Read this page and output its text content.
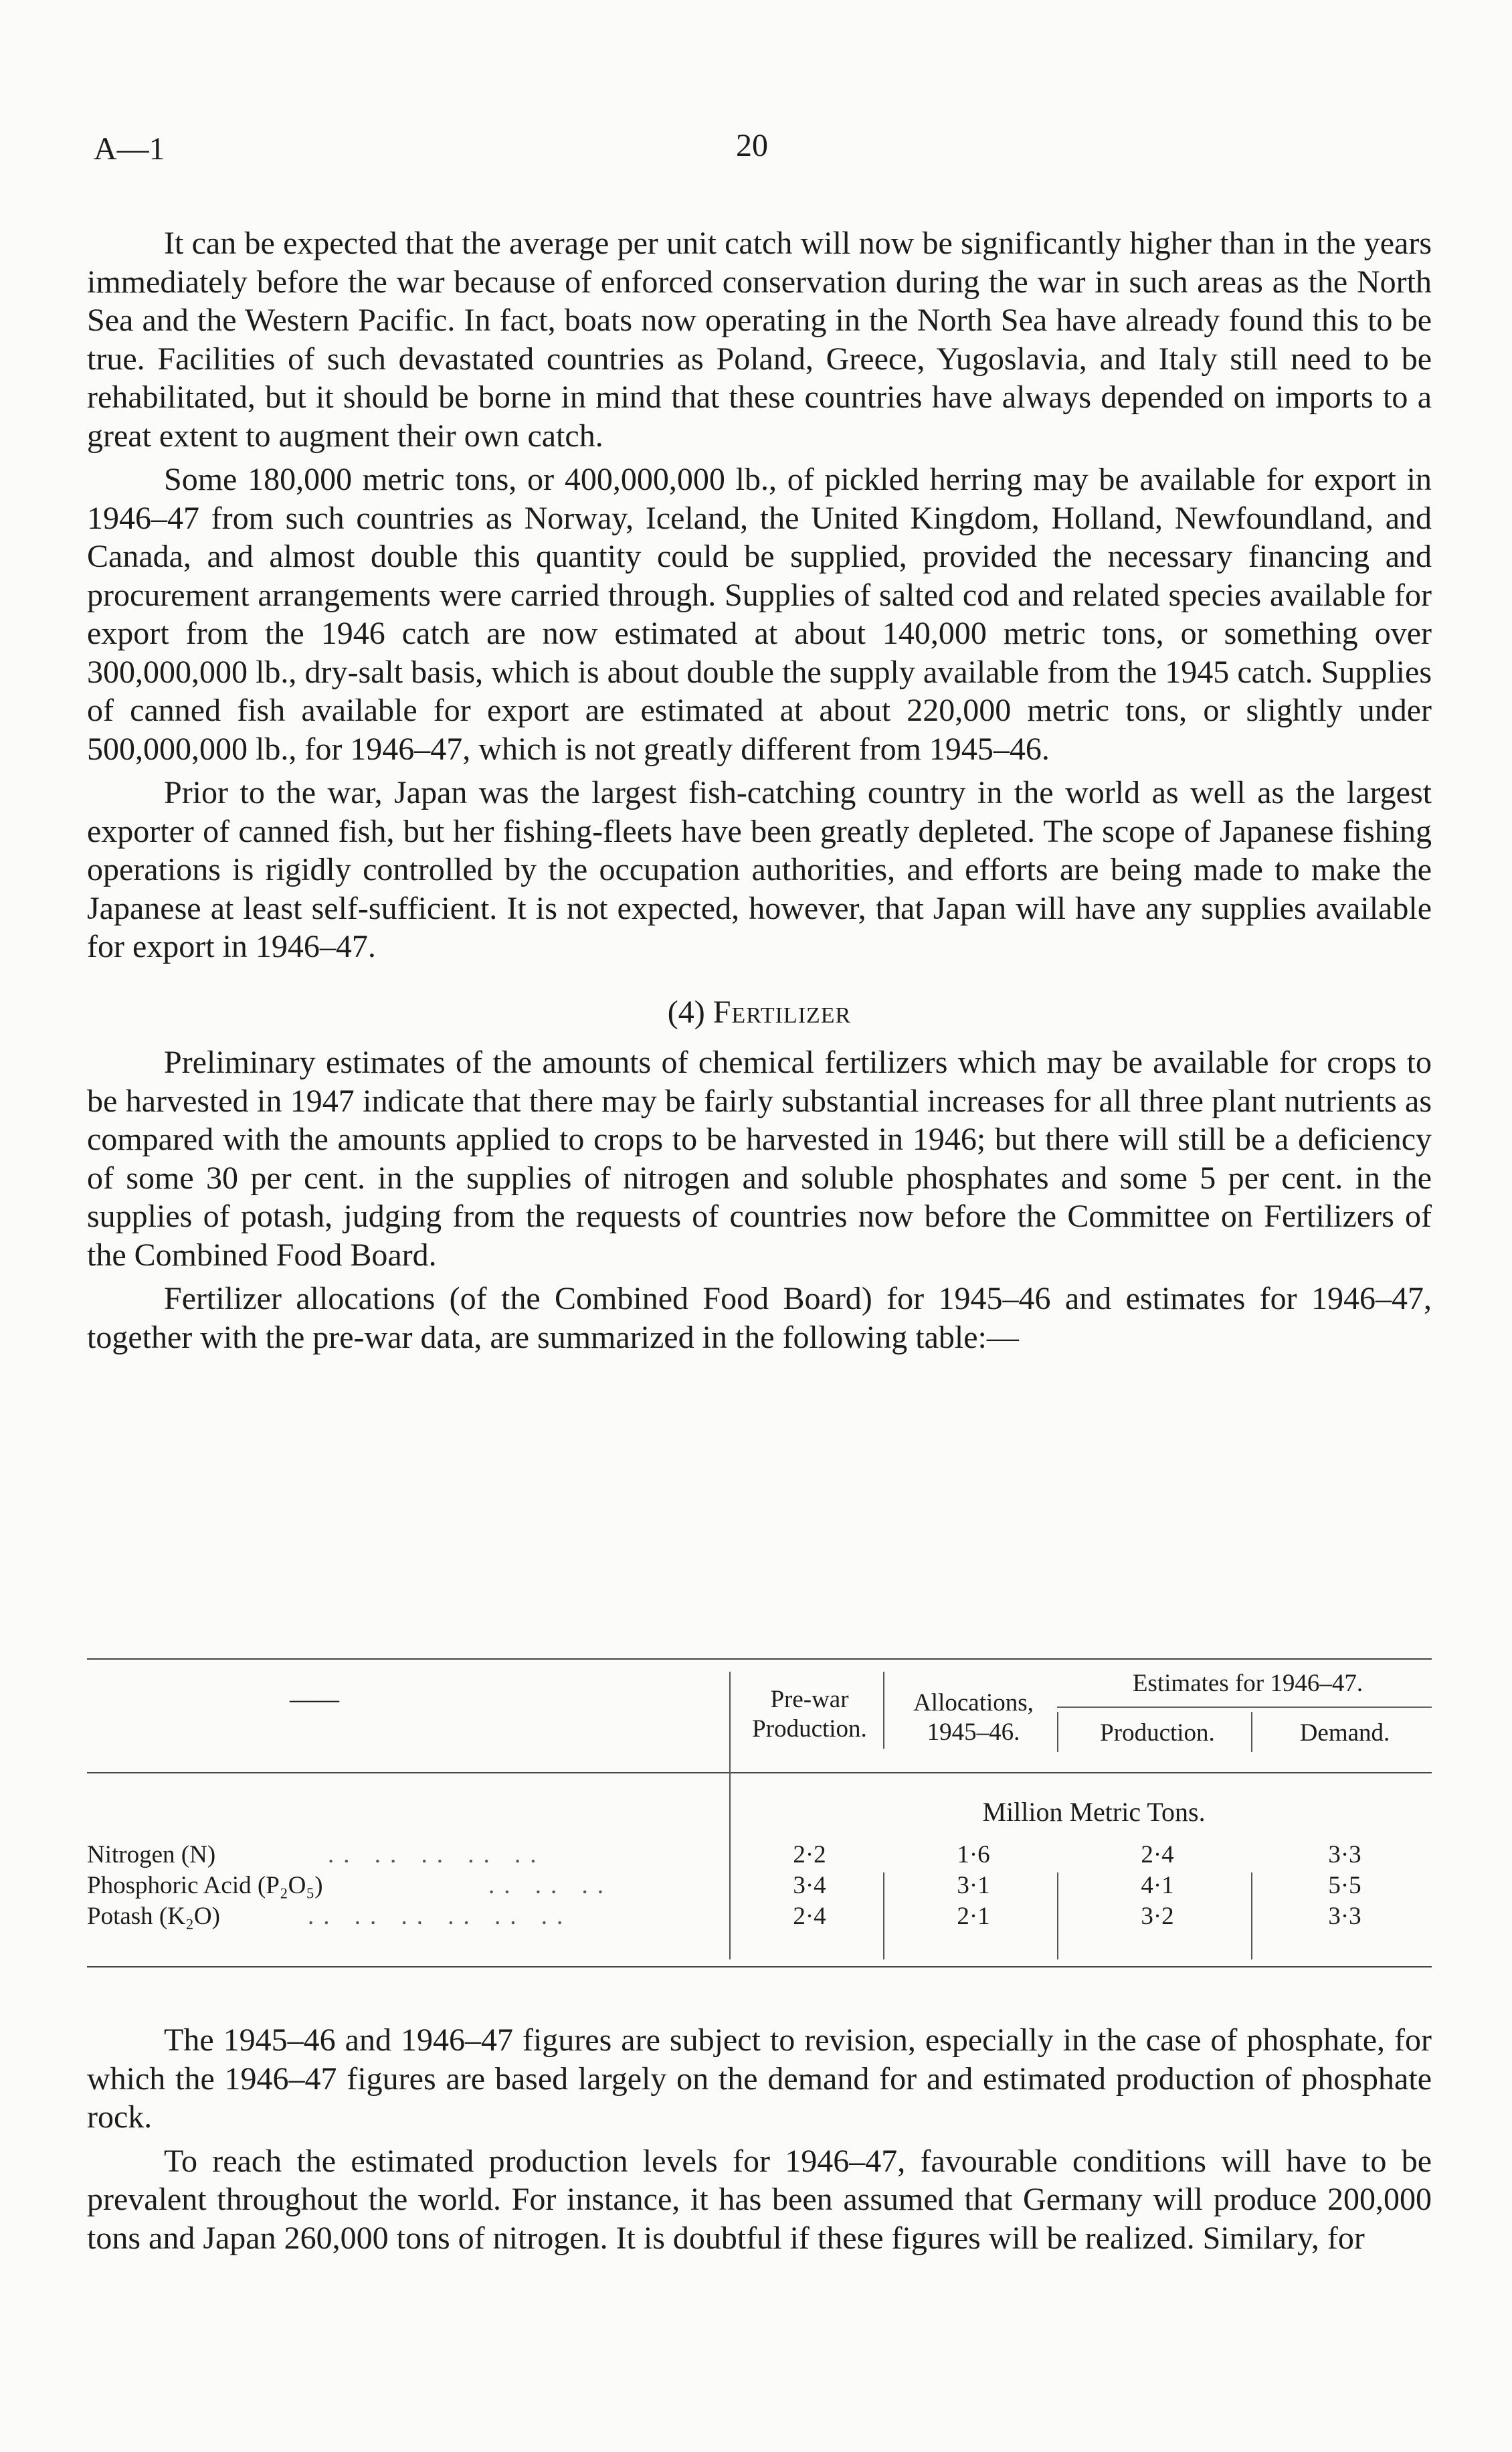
A—1	20

It can be expected that the average per unit catch will now be significantly higher than in the years immediately before the war because of enforced conservation during the war in such areas as the North Sea and the Western Pacific. In fact, boats now operating in the North Sea have already found this to be true. Facilities of such devastated countries as Poland, Greece, Yugoslavia, and Italy still need to be rehabilitated, but it should be borne in mind that these countries have always depended on imports to a great extent to augment their own catch.

Some 180,000 metric tons, or 400,000,000 lb., of pickled herring may be available for export in 1946–47 from such countries as Norway, Iceland, the United Kingdom, Holland, Newfoundland, and Canada, and almost double this quantity could be supplied, provided the necessary financing and procurement arrangements were carried through. Supplies of salted cod and related species available for export from the 1946 catch are now estimated at about 140,000 metric tons, or something over 300,000,000 lb., dry-salt basis, which is about double the supply available from the 1945 catch. Supplies of canned fish available for export are estimated at about 220,000 metric tons, or slightly under 500,000,000 lb., for 1946–47, which is not greatly different from 1945–46.

Prior to the war, Japan was the largest fish-catching country in the world as well as the largest exporter of canned fish, but her fishing-fleets have been greatly depleted. The scope of Japanese fishing operations is rigidly controlled by the occupation authorities, and efforts are being made to make the Japanese at least self-sufficient. It is not expected, however, that Japan will have any supplies available for export in 1946–47.

(4) Fertilizer

Preliminary estimates of the amounts of chemical fertilizers which may be available for crops to be harvested in 1947 indicate that there may be fairly substantial increases for all three plant nutrients as compared with the amounts applied to crops to be harvested in 1946; but there will still be a deficiency of some 30 per cent. in the supplies of nitrogen and soluble phosphates and some 5 per cent. in the supplies of potash, judging from the requests of countries now before the Committee on Fertilizers of the Combined Food Board.

Fertilizer allocations (of the Combined Food Board) for 1945–46 and estimates for 1946–47, together with the pre-war data, are summarized in the following table:—

——	Pre-war Production.
Allocations, 1945–46.
Estimates for 1946–47.
Production.	Demand.
Million Metric Tons.
Nitrogen (N)	.. .. .. .. ..	2·2	1·6	2·4	3·3
Phosphoric Acid (P₂O₅)	.. .. ..	3·4	3·1	4·1	5·5
Potash (K₂O)	.. .. .. .. .. ..	2·4	2·1	3·2	3·3

The 1945–46 and 1946–47 figures are subject to revision, especially in the case of phosphate, for which the 1946–47 figures are based largely on the demand for and estimated production of phosphate rock.

To reach the estimated production levels for 1946–47, favourable conditions will have to be prevalent throughout the world. For instance, it has been assumed that Germany will produce 200,000 tons and Japan 260,000 tons of nitrogen. It is doubtful if these figures will be realized. Similary, for
